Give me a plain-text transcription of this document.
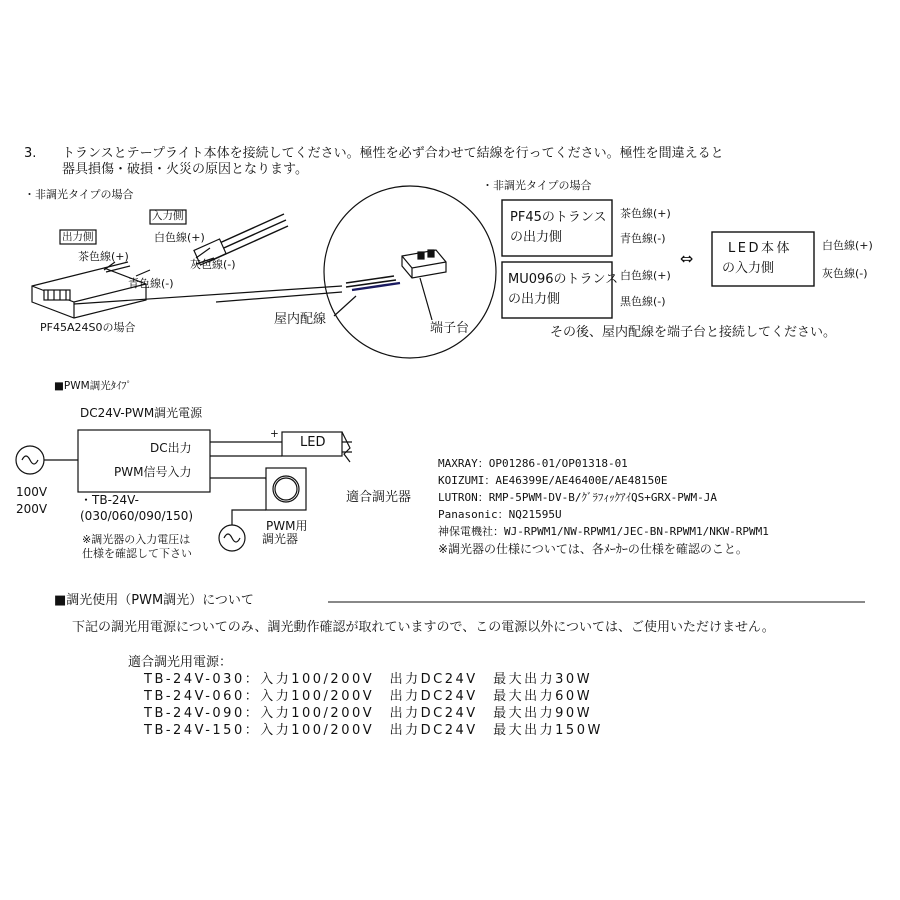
3. トランスとテープライト本体を接続してください。極性を必ず合わせて結線を行ってください。極性を間違えると
器具損傷・破損・火災の原因となります。
・非調光タイプの場合
入力側
白色線(+)
出力側
茶色線(+)
灰色線(-)
青色線(-)
PF45A24S0の場合
屋内配線
端子台
・非調光タイプの場合
PF45のトランス
の出力側
MU096のトランス
の出力側
茶色線(+)
青色線(-)
白色線(+)
黒色線(-)
⇔
LED本体
の入力側
白色線(+)
灰色線(-)
その後、屋内配線を端子台と接続してください。
■PWM調光ﾀｲﾌﾟ
DC24V-PWM調光電源
DC出力
PWM信号入力
+
LED
100V
200V
・TB-24V-
(030/060/090/150)
※調光器の入力電圧は
仕様を確認して下さい
PWM用
調光器
適合調光器
MAXRAY：OP01286-01/OP01318-01
KOIZUMI：AE46399E/AE46400E/AE48150E
LUTRON：RMP-5PWM-DV-B/ｸﾞﾗﾌｨｯｸｱｲQS+GRX-PWM-JA
Panasonic：NQ21595U
神保電機社：WJ-RPWM1/NW-RPWM1/JEC-BN-RPWM1/NKW-RPWM1
※調光器の仕様については、各ﾒｰｶｰの仕様を確認のこと。
■調光使用（PWM調光）について
下記の調光用電源についてのみ、調光動作確認が取れていますので、この電源以外については、ご使用いただけません。
適合調光用電源：
TB-24V-030：入力100/200V　出力DC24V　最大出力30W
TB-24V-060：入力100/200V　出力DC24V　最大出力60W
TB-24V-090：入力100/200V　出力DC24V　最大出力90W
TB-24V-150：入力100/200V　出力DC24V　最大出力150W
